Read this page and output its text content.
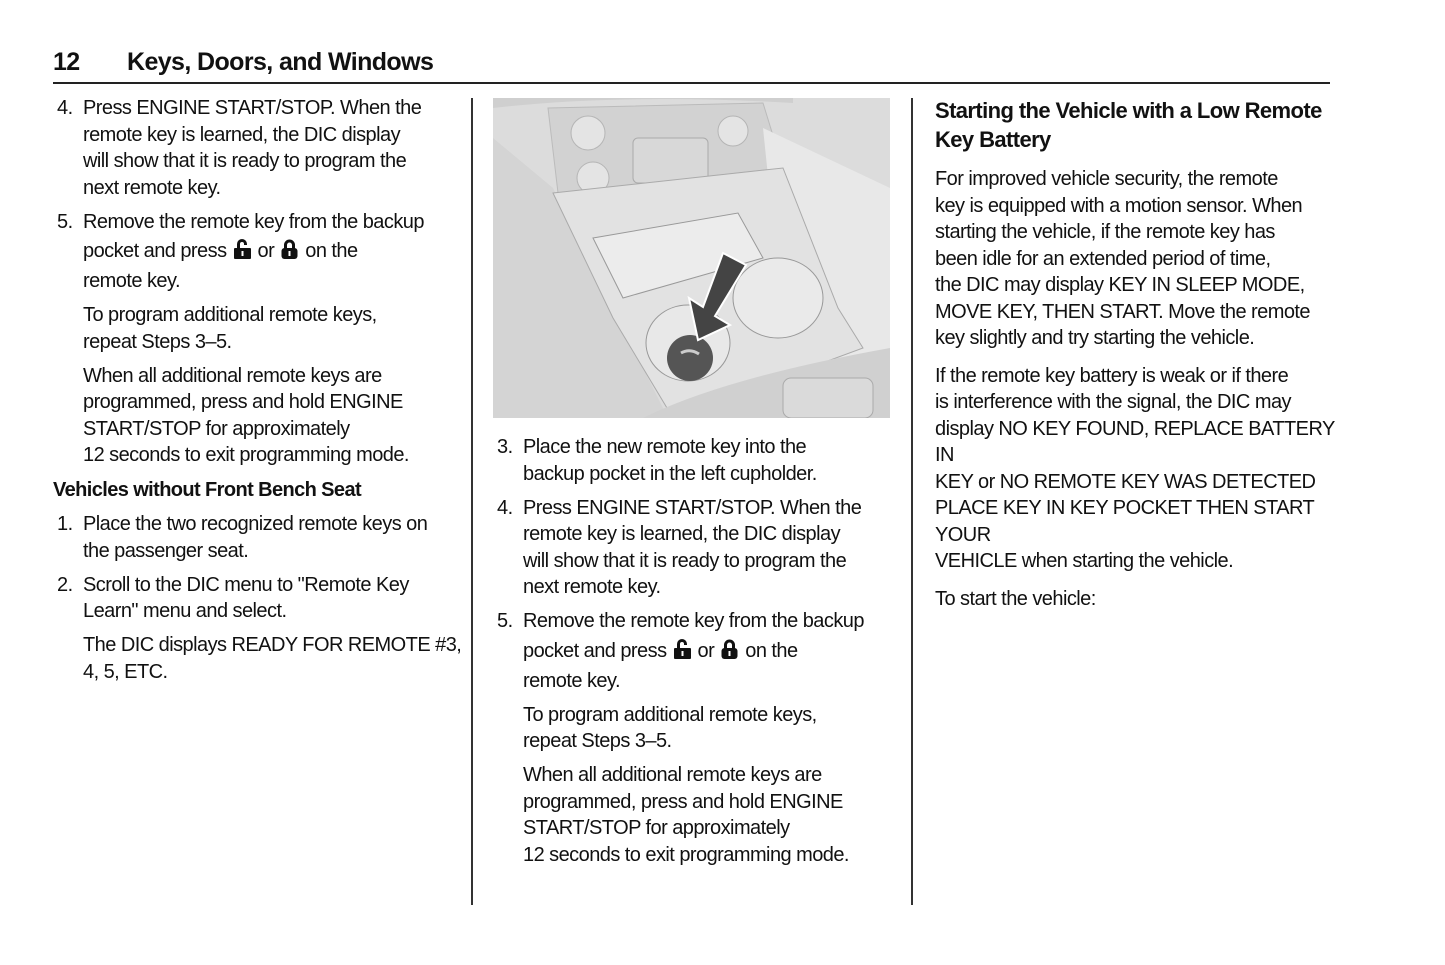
12 Keys, Doors, and Windows
4. Press ENGINE START/STOP. When the
remote key is learned, the DIC display
will show that it is ready to program the
next remote key.
5. Remove the remote key from the backup
pocket and press or on the
remote key.

To program additional remote keys,
repeat Steps 3–5.

When all additional remote keys are
programmed, press and hold ENGINE
START/STOP for approximately
12 seconds to exit programming mode.

Vehicles without Front Bench Seat
1. Place the two recognized remote keys on
the passenger seat.
2. Scroll to the DIC menu to "Remote Key
Learn" menu and select.

The DIC displays READY FOR REMOTE #3,
4, 5, ETC.

3. Place the new remote key into the
backup pocket in the left cupholder.
4. Press ENGINE START/STOP. When the
remote key is learned, the DIC display
will show that it is ready to program the
next remote key.
5. Remove the remote key from the backup
pocket and press or on the
remote key.

To program additional remote keys,
repeat Steps 3–5.

When all additional remote keys are
programmed, press and hold ENGINE
START/STOP for approximately
12 seconds to exit programming mode.

Starting the Vehicle with a Low Remote
Key Battery

For improved vehicle security, the remote
key is equipped with a motion sensor. When
starting the vehicle, if the remote key has
been idle for an extended period of time,
the DIC may display KEY IN SLEEP MODE,
MOVE KEY, THEN START. Move the remote
key slightly and try starting the vehicle.

If the remote key battery is weak or if there
is interference with the signal, the DIC may
display NO KEY FOUND, REPLACE BATTERY IN
KEY or NO REMOTE KEY WAS DETECTED
PLACE KEY IN KEY POCKET THEN START YOUR
VEHICLE when starting the vehicle.

To start the vehicle:
